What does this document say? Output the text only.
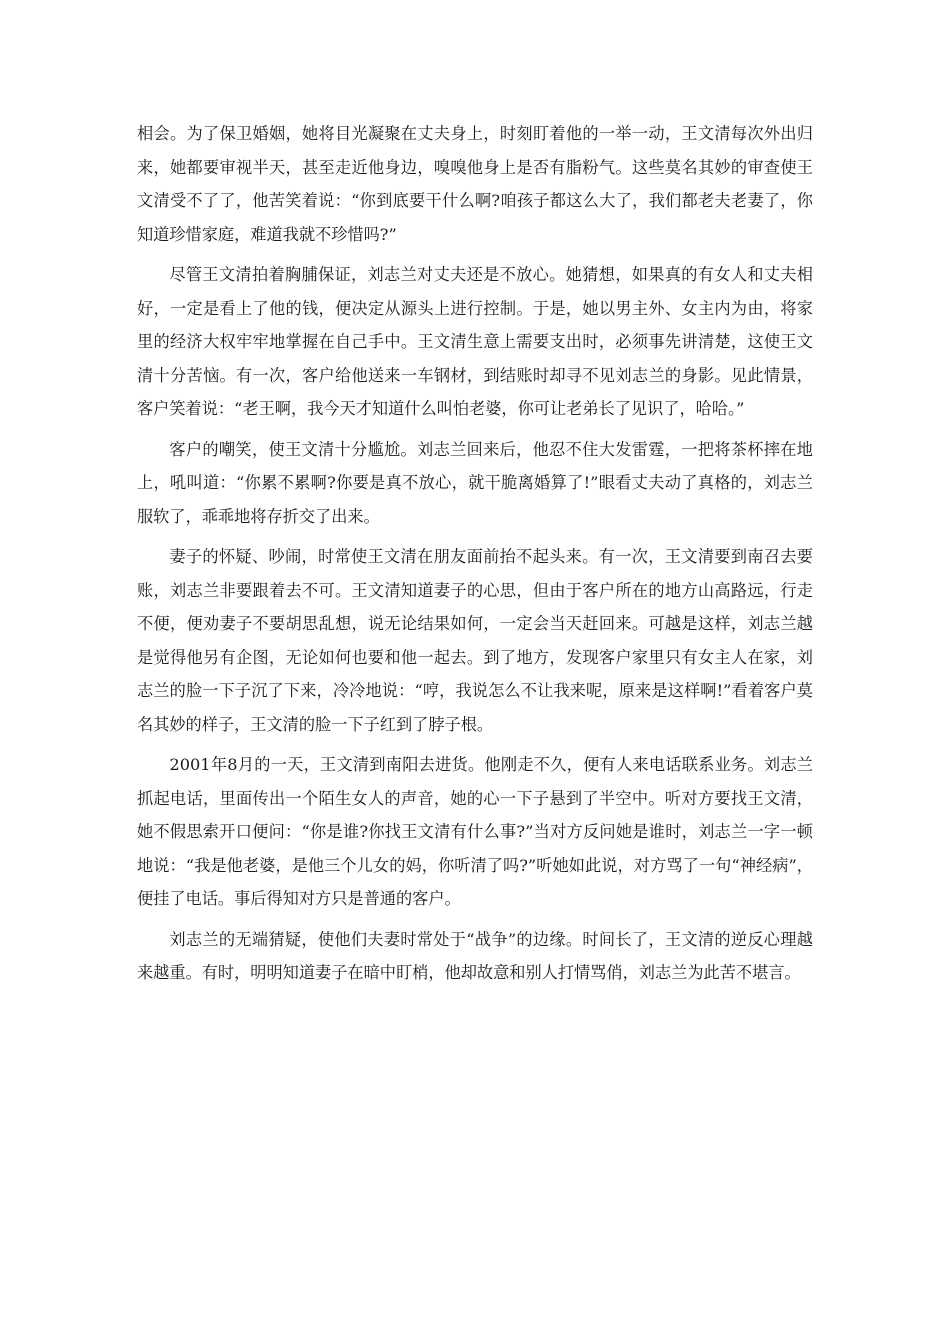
相会。为了保卫婚姻，她将目光凝聚在丈夫身上，时刻盯着他的一举一动，王文清每次外出归来，她都要审视半天，甚至走近他身边，嗅嗅他身上是否有脂粉气。这些莫名其妙的审查使王文清受不了了，他苦笑着说：“你到底要干什么啊?咱孩子都这么大了，我们都老夫老妻了，你知道珍惜家庭，难道我就不珍惜吗?”

尽管王文清拍着胸脯保证，刘志兰对丈夫还是不放心。她猜想，如果真的有女人和丈夫相好，一定是看上了他的钱，便决定从源头上进行控制。于是，她以男主外、女主内为由，将家里的经济大权牢牢地掌握在自己手中。王文清生意上需要支出时，必须事先讲清楚，这使王文清十分苦恼。有一次，客户给他送来一车钢材，到结账时却寻不见刘志兰的身影。见此情景，客户笑着说：“老王啊，我今天才知道什么叫怕老婆，你可让老弟长了见识了，哈哈。”

客户的嘲笑，使王文清十分尴尬。刘志兰回来后，他忍不住大发雷霆，一把将茶杯摔在地上，吼叫道：“你累不累啊?你要是真不放心，就干脆离婚算了!”眼看丈夫动了真格的，刘志兰服软了，乖乖地将存折交了出来。

妻子的怀疑、吵闹，时常使王文清在朋友面前抬不起头来。有一次，王文清要到南召去要账，刘志兰非要跟着去不可。王文清知道妻子的心思，但由于客户所在的地方山高路远，行走不便，便劝妻子不要胡思乱想，说无论结果如何，一定会当天赶回来。可越是这样，刘志兰越是觉得他另有企图，无论如何也要和他一起去。到了地方，发现客户家里只有女主人在家，刘志兰的脸一下子沉了下来，冷冷地说：“哼，我说怎么不让我来呢，原来是这样啊!”看着客户莫名其妙的样子，王文清的脸一下子红到了脖子根。

2001年8月的一天，王文清到南阳去进货。他刚走不久，便有人来电话联系业务。刘志兰抓起电话，里面传出一个陌生女人的声音，她的心一下子悬到了半空中。听对方要找王文清，她不假思索开口便问：“你是谁?你找王文清有什么事?”当对方反问她是谁时，刘志兰一字一顿地说：“我是他老婆，是他三个儿女的妈，你听清了吗?”听她如此说，对方骂了一句“神经病”，便挂了电话。事后得知对方只是普通的客户。

刘志兰的无端猜疑，使他们夫妻时常处于“战争”的边缘。时间长了，王文清的逆反心理越来越重。有时，明明知道妻子在暗中盯梢，他却故意和别人打情骂俏，刘志兰为此苦不堪言。
